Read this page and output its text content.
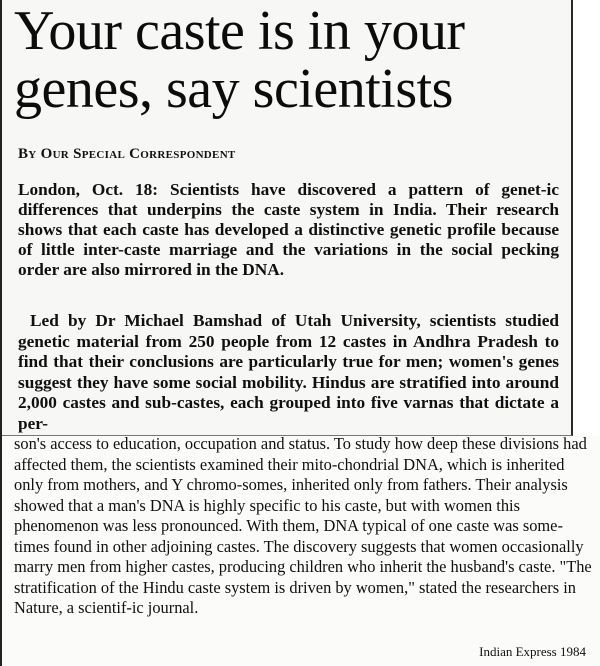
Your caste is in your genes, say scientists
By Our Special Correspondent

London, Oct. 18: Scientists have discovered a pattern of genet-ic differences that underpins the caste system in India. Their research shows that each caste has developed a distinctive genetic profile because of little inter-caste marriage and the variations in the social pecking order are also mirrored in the DNA.

Led by Dr Michael Bamshad of Utah University, scientists studied genetic material from 250 people from 12 castes in Andhra Pradesh to find that their conclusions are particularly true for men; women's genes suggest they have some social mobility. Hindus are stratified into around 2,000 castes and sub-castes, each grouped into five varnas that dictate a per-

son's access to education, occupation and status. To study how deep these divisions had affected them, the scientists examined their mito-chondrial DNA, which is inherited only from mothers, and Y chromo-somes, inherited only from fathers. Their analysis showed that a man's DNA is highly specific to his caste, but with women this phenomenon was less pronounced. With them, DNA typical of one caste was some-times found in other adjoining castes. The discovery suggests that women occasionally marry men from higher castes, producing children who inherit the husband's caste. "The stratification of the Hindu caste system is driven by women," stated the researchers in Nature, a scientif-ic journal.

Indian Express 1984
